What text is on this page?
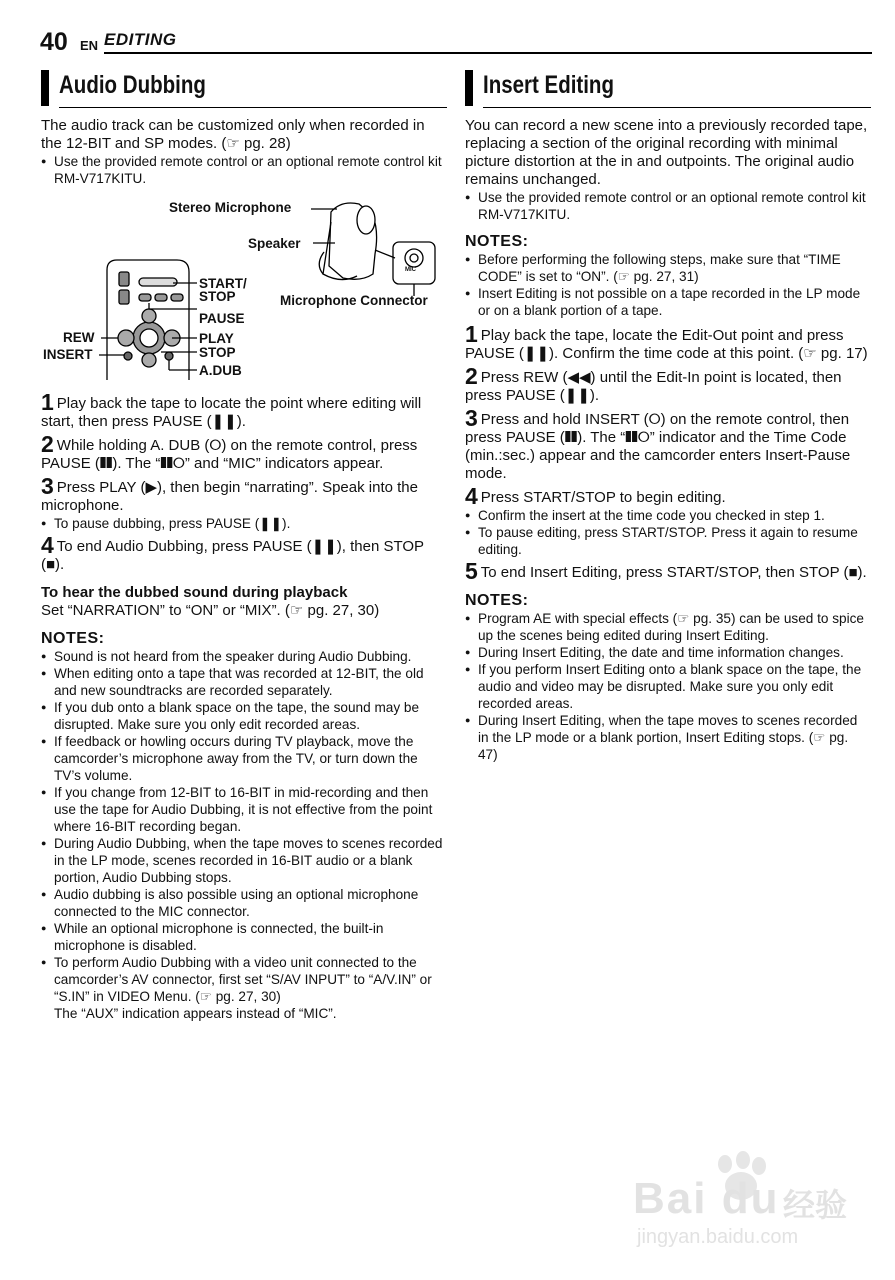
40 EN EDITING
Audio Dubbing
The audio track can be customized only when recorded in the 12-BIT and SP modes. (☞ pg. 28)
● Use the provided remote control or an optional remote control kit RM-V717KITU.
Stereo Microphone
Speaker
Microphone Connector
MIC
START/
STOP
PAUSE
PLAY
STOP
A.DUB
REW
INSERT
1 Play back the tape to locate the point where editing will start, then press PAUSE (❚❚).
2 While holding A. DUB (⭘) on the remote control, press PAUSE (❚❚). The “❚❚⭘” and “MIC” indicators appear.
3 Press PLAY (▶), then begin “narrating”. Speak into the microphone.
● To pause dubbing, press PAUSE (❚❚).
4 To end Audio Dubbing, press PAUSE (❚❚), then STOP (■).
To hear the dubbed sound during playback
Set “NARRATION” to “ON” or “MIX”. (☞ pg. 27, 30)
NOTES:
● Sound is not heard from the speaker during Audio Dubbing.
● When editing onto a tape that was recorded at 12-BIT, the old and new soundtracks are recorded separately.
● If you dub onto a blank space on the tape, the sound may be disrupted. Make sure you only edit recorded areas.
● If feedback or howling occurs during TV playback, move the camcorder’s microphone away from the TV, or turn down the TV’s volume.
● If you change from 12-BIT to 16-BIT in mid-recording and then use the tape for Audio Dubbing, it is not effective from the point where 16-BIT recording began.
● During Audio Dubbing, when the tape moves to scenes recorded in the LP mode, scenes recorded in 16-BIT audio or a blank portion, Audio Dubbing stops.
● Audio dubbing is also possible using an optional microphone connected to the MIC connector.
● While an optional microphone is connected, the built-in microphone is disabled.
● To perform Audio Dubbing with a video unit connected to the camcorder’s AV connector, first set “S/AV INPUT” to “A/V.IN” or “S.IN” in VIDEO Menu. (☞ pg. 27, 30)
The “AUX” indication appears instead of “MIC”.
Insert Editing
You can record a new scene into a previously recorded tape, replacing a section of the original recording with minimal picture distortion at the in and outpoints. The original audio remains unchanged.
● Use the provided remote control or an optional remote control kit RM-V717KITU.
NOTES:
● Before performing the following steps, make sure that “TIME CODE” is set to “ON”. (☞ pg. 27, 31)
● Insert Editing is not possible on a tape recorded in the LP mode or on a blank portion of a tape.
1 Play back the tape, locate the Edit-Out point and press PAUSE (❚❚). Confirm the time code at this point. (☞ pg. 17)
2 Press REW (◀◀) until the Edit-In point is located, then press PAUSE (❚❚).
3 Press and hold INSERT (⭘) on the remote control, then press PAUSE (❚❚). The “❚❚⭘” indicator and the Time Code (min.:sec.) appear and the camcorder enters Insert-Pause mode.
4 Press START/STOP to begin editing.
● Confirm the insert at the time code you checked in step 1.
● To pause editing, press START/STOP. Press it again to resume editing.
5 To end Insert Editing, press START/STOP, then STOP (■).
NOTES:
● Program AE with special effects (☞ pg. 35) can be used to spice up the scenes being edited during Insert Editing.
● During Insert Editing, the date and time information changes.
● If you perform Insert Editing onto a blank space on the tape, the audio and video may be disrupted. Make sure you only edit recorded areas.
● During Insert Editing, when the tape moves to scenes recorded in the LP mode or a blank portion, Insert Editing stops. (☞ pg. 47)
Bai du 经验
jingyan.baidu.com
